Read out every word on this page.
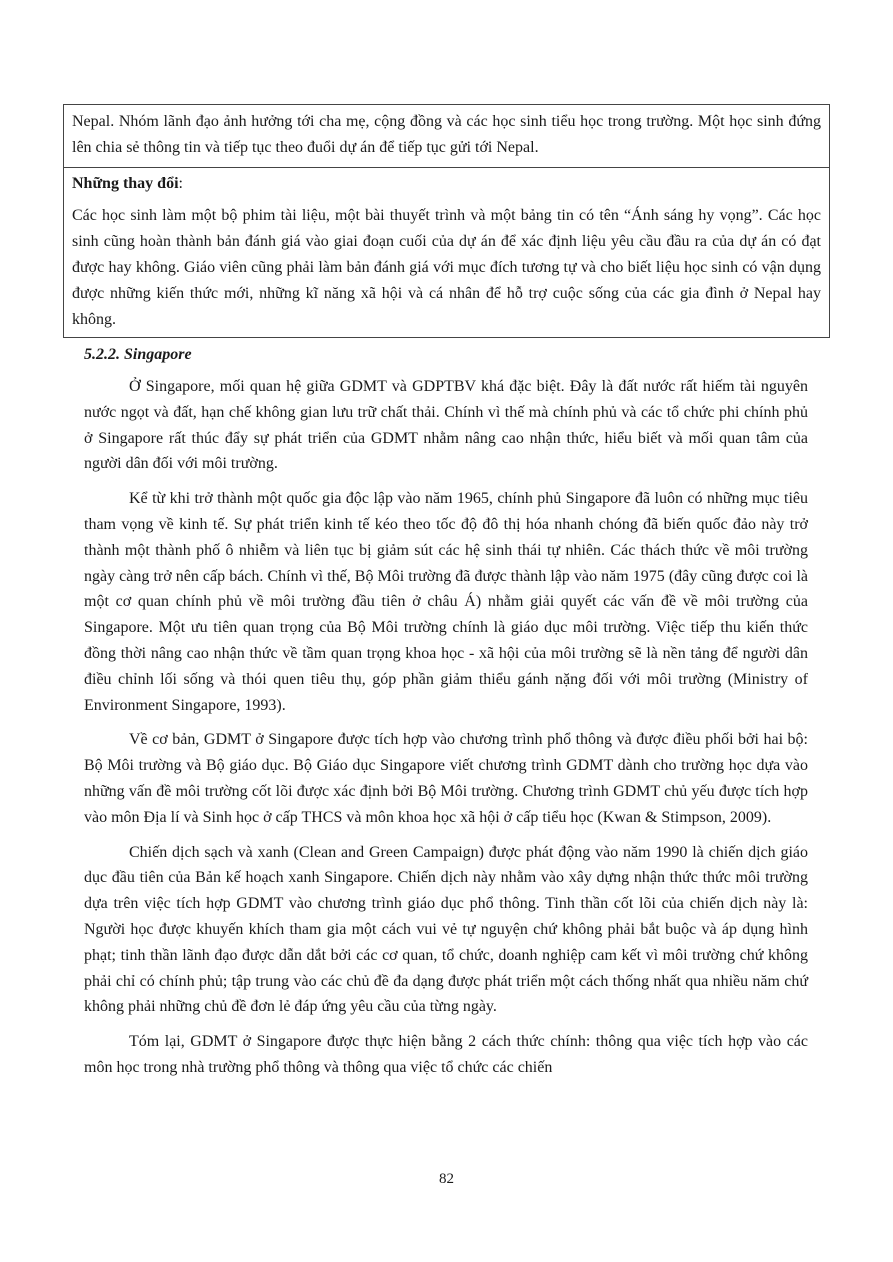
Nepal. Nhóm lãnh đạo ảnh hưởng tới cha mẹ, cộng đồng và các học sinh tiểu học trong trường. Một học sinh đứng lên chia sẻ thông tin và tiếp tục theo đuổi dự án để tiếp tục gửi tới Nepal.
Những thay đổi:

Các học sinh làm một bộ phim tài liệu, một bài thuyết trình và một bảng tin có tên “Ánh sáng hy vọng”. Các học sinh cũng hoàn thành bản đánh giá vào giai đoạn cuối của dự án để xác định liệu yêu cầu đầu ra của dự án có đạt được hay không. Giáo viên cũng phải làm bản đánh giá với mục đích tương tự và cho biết liệu học sinh có vận dụng được những kiến thức mới, những kĩ năng xã hội và cá nhân để hỗ trợ cuộc sống của các gia đình ở Nepal hay không.

5.2.2. Singapore

Ở Singapore, mối quan hệ giữa GDMT và GDPTBV khá đặc biệt. Đây là đất nước rất hiếm tài nguyên nước ngọt và đất, hạn chế không gian lưu trữ chất thải. Chính vì thế mà chính phủ và các tổ chức phi chính phủ ở Singapore rất thúc đẩy sự phát triển của GDMT nhằm nâng cao nhận thức, hiểu biết và mối quan tâm của người dân đối với môi trường.

Kể từ khi trở thành một quốc gia độc lập vào năm 1965, chính phủ Singapore đã luôn có những mục tiêu tham vọng về kinh tế. Sự phát triển kinh tế kéo theo tốc độ đô thị hóa nhanh chóng đã biến quốc đảo này trở thành một thành phố ô nhiễm và liên tục bị giảm sút các hệ sinh thái tự nhiên. Các thách thức về môi trường ngày càng trở nên cấp bách. Chính vì thế, Bộ Môi trường đã được thành lập vào năm 1975 (đây cũng được coi là một cơ quan chính phủ về môi trường đầu tiên ở châu Á) nhằm giải quyết các vấn đề về môi trường của Singapore. Một ưu tiên quan trọng của Bộ Môi trường chính là giáo dục môi trường. Việc tiếp thu kiến thức đồng thời nâng cao nhận thức về tầm quan trọng khoa học - xã hội của môi trường sẽ là nền tảng để người dân điều chỉnh lối sống và thói quen tiêu thụ, góp phần giảm thiểu gánh nặng đối với môi trường (Ministry of Environment Singapore, 1993).

Về cơ bản, GDMT ở Singapore được tích hợp vào chương trình phổ thông và được điều phối bởi hai bộ: Bộ Môi trường và Bộ giáo dục. Bộ Giáo dục Singapore viết chương trình GDMT dành cho trường học dựa vào những vấn đề môi trường cốt lõi được xác định bởi Bộ Môi trường. Chương trình GDMT chủ yếu được tích hợp vào môn Địa lí và Sinh học ở cấp THCS và môn khoa học xã hội ở cấp tiểu học (Kwan & Stimpson, 2009).

Chiến dịch sạch và xanh (Clean and Green Campaign) được phát động vào năm 1990 là chiến dịch giáo dục đầu tiên của Bản kế hoạch xanh Singapore. Chiến dịch này nhằm vào xây dựng nhận thức thức môi trường dựa trên việc tích hợp GDMT vào chương trình giáo dục phổ thông. Tinh thần cốt lõi của chiến dịch này là: Người học được khuyến khích tham gia một cách vui vẻ tự nguyện chứ không phải bắt buộc và áp dụng hình phạt; tinh thần lãnh đạo được dẫn dắt bởi các cơ quan, tổ chức, doanh nghiệp cam kết vì môi trường chứ không phải chỉ có chính phủ; tập trung vào các chủ đề đa dạng được phát triển một cách thống nhất qua nhiều năm chứ không phải những chủ đề đơn lẻ đáp ứng yêu cầu của từng ngày.

Tóm lại, GDMT ở Singapore được thực hiện bằng 2 cách thức chính: thông qua việc tích hợp vào các môn học trong nhà trường phổ thông và thông qua việc tổ chức các chiến

82
